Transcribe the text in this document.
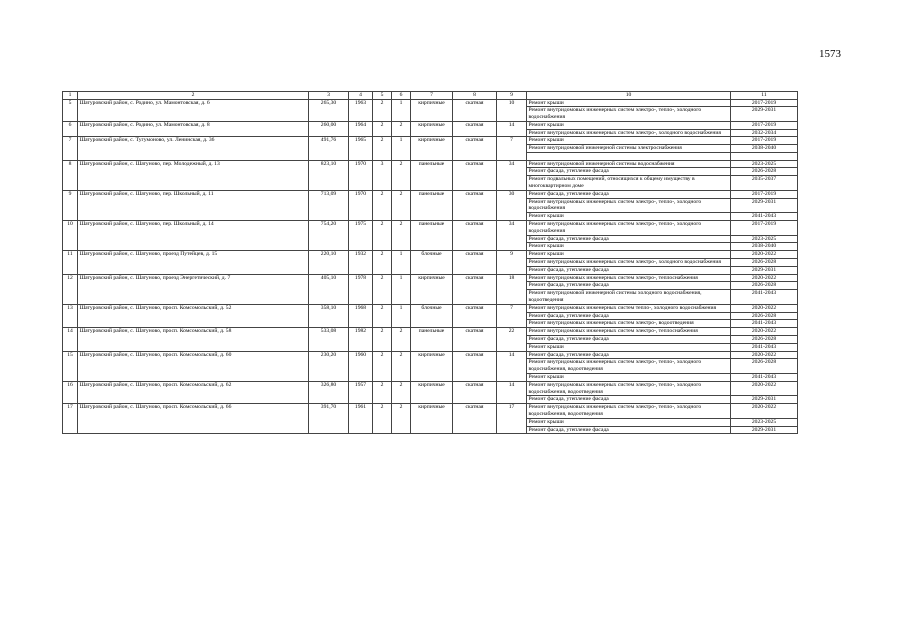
1573
1	2	3	4	5	6	7	8	9	10	11
5	Шатуровский район, с. Родино, ул. Мамонтовская, д. 6	265,30	1963	2	1	кирпичные	скатная	10	Ремонт крыши	2017-2019
									Ремонт внутридомовых инженерных систем электро-, тепло-, холодного водоснабжения	2029-2031
6	Шатуровский район, с. Родино, ул. Мамонтовская, д. 8	260,00	1964	2	2	кирпичные	скатная	14	Ремонт крыши	2017-2019
									Ремонт внутридомовых инженерных систем электро-, холодного водоснабжения	2032-2034
7	Шатуровский район, с. Тугумоново, ул. Ленинская, д. 36	491,76	1965	2	1	кирпичные	скатная	7	Ремонт крыши	2017-2019
									Ремонт внутридомовой инженерной системы электроснабжения	2038-2040

8	Шатуровский район, с. Шатуново, пер. Молодежный, д. 13	823,10	1970	3	2	панельные	скатная	34	Ремонт внутридомовой инженерной системы водоснабжения	2023-2025
									Ремонт фасада, утепление фасада	2026-2028
									Ремонт подвальных помещений, относящихся к общему имуществу в многоквартирном доме	2035-2037
9	Шатуровский район, с. Шатуново, пер. Школьный, д. 11	713,09	1970	2	2	панельные	скатная	30	Ремонт фасада, утепление фасада	2017-2019
									Ремонт внутридомовых инженерных систем электро-, тепло-, холодного водоснабжения	2029-2031
									Ремонт крыши	2041-2043
10	Шатуровский район, с. Шатуново, пер. Школьный, д. 14	754,20	1975	2	2	панельные	скатная	34	Ремонт внутридомовых инженерных систем электро-, тепло-, холодного водоснабжения	2017-2019
									Ремонт фасада, утепление фасада	2023-2025
									Ремонт крыши	2038-2040
11	Шатуровский район, с. Шатуново, проезд Путейцев, д. 15	220,10	1932	2	1	блочные	скатная	9	Ремонт крыши	2020-2022
									Ремонт внутридомовых инженерных систем электро-, холодного водоснабжения	2026-2028
									Ремонт фасада, утепление фасада	2029-2031
12	Шатуровский район, с. Шатуново, проезд Энергетический, д. 7	405,10	1978	2	1	кирпичные	скатная	18	Ремонт внутридомовых инженерных систем электро-, теплоснабжения	2020-2022
									Ремонт фасада, утепление фасада	2026-2028
									Ремонт внутридомовой инженерной системы холодного водоснабжения, водоотведения	2041-2043
13	Шатуровский район, с. Шатуново, просп. Комсомольский, д. 52	358,10	1968	2	1	блочные	скатная	7	Ремонт внутридомовых инженерных систем тепло-, холодного водоснабжения	2020-2022
									Ремонт фасада, утепление фасада	2026-2028
									Ремонт внутридомовых инженерных систем электро-, водоотведения	2041-2043
14	Шатуровский район, с. Шатуново, просп. Комсомольский, д. 58	533,08	1982	2	2	панельные	скатная	22	Ремонт внутридомовых инженерных систем электро-, теплоснабжения	2020-2022
									Ремонт фасада, утепление фасада	2026-2028
									Ремонт крыши	2041-2043
15	Шатуровский район, с. Шатуново, просп. Комсомольский, д. 60	230,20	1960	2	2	кирпичные	скатная	14	Ремонт фасада, утепление фасада	2020-2022
									Ремонт внутридомовых инженерных систем электро-, тепло-, холодного водоснабжения, водоотведения	2026-2028
									Ремонт крыши	2041-2043
16	Шатуровский район, с. Шатуново, просп. Комсомольский, д. 62	326,80	1957	2	2	кирпичные	скатная	14	Ремонт внутридомовых инженерных систем электро-, тепло-, холодного водоснабжения, водоотведения	2020-2022
									Ремонт фасада, утепление фасада	2029-2031
17	Шатуровский район, с. Шатуново, просп. Комсомольский, д. 66	391,70	1961	2	2	кирпичные	скатная	17	Ремонт внутридомовых инженерных систем электро-, тепло-, холодного водоснабжения, водоотведения	2020-2022
									Ремонт крыши	2023-2025
									Ремонт фасада, утепление фасада	2029-2031
